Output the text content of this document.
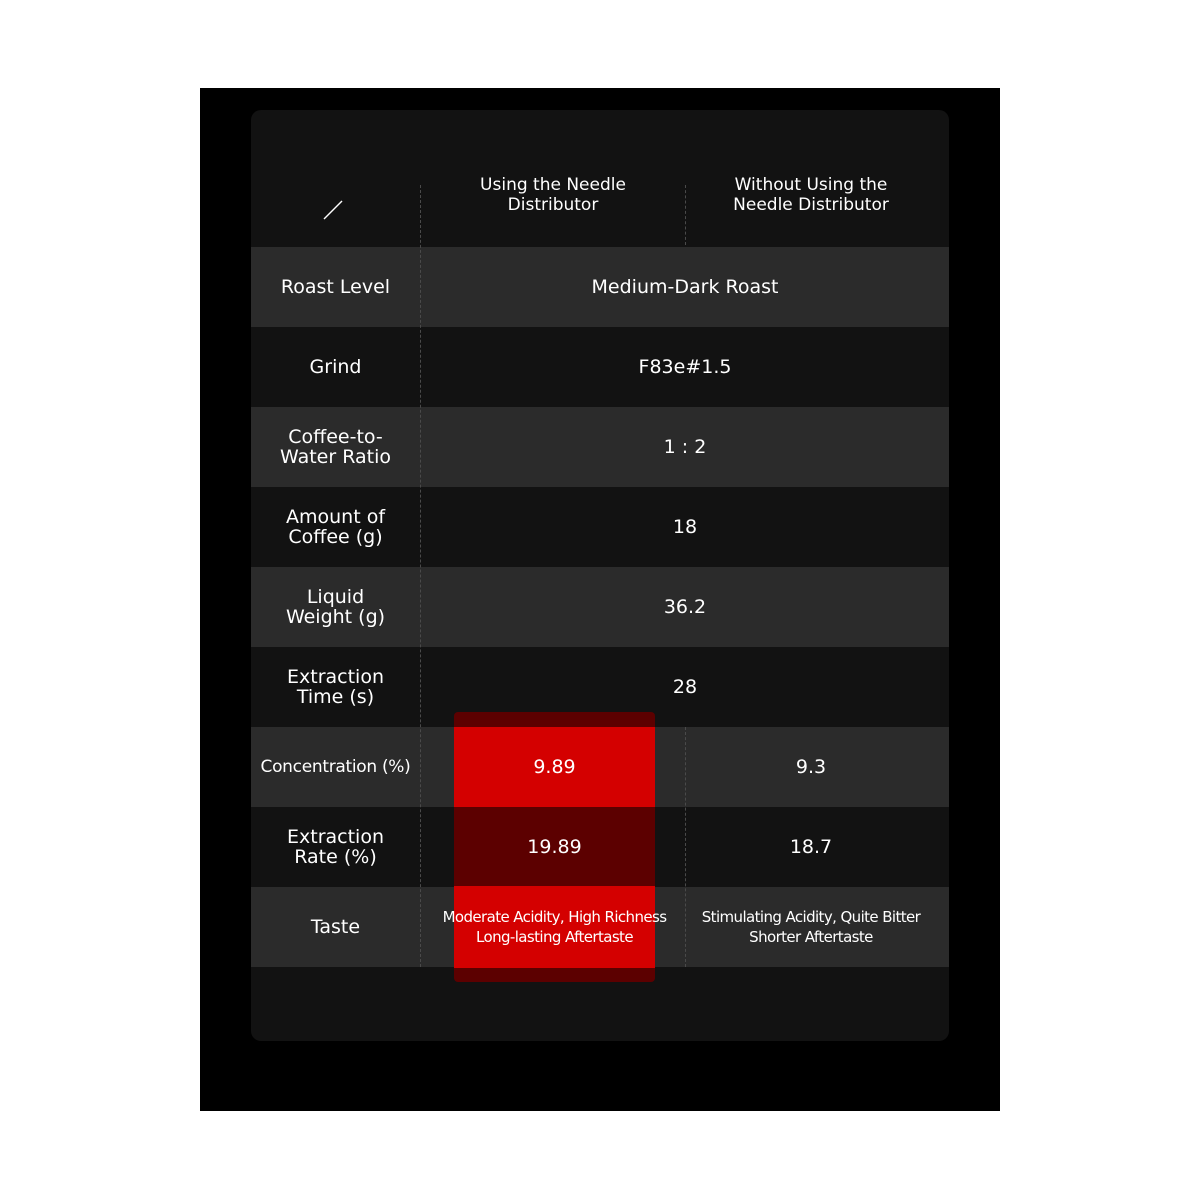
Using the Needle
Distributor
Without Using the
Needle Distributor
Roast Level
Grind
Coffee-to-
Water Ratio
Amount of
Coffee (g)
Liquid
Weight (g)
Extraction
Time (s)
Concentration (%)
Extraction
Rate (%)
Taste
Medium-Dark Roast
F83e#1.5
1 : 2
18
36.2
28
9.89	9.3
19.89	18.7
Moderate Acidity, High Richness
Long-lasting Aftertaste
Stimulating Acidity, Quite Bitter
Shorter Aftertaste
